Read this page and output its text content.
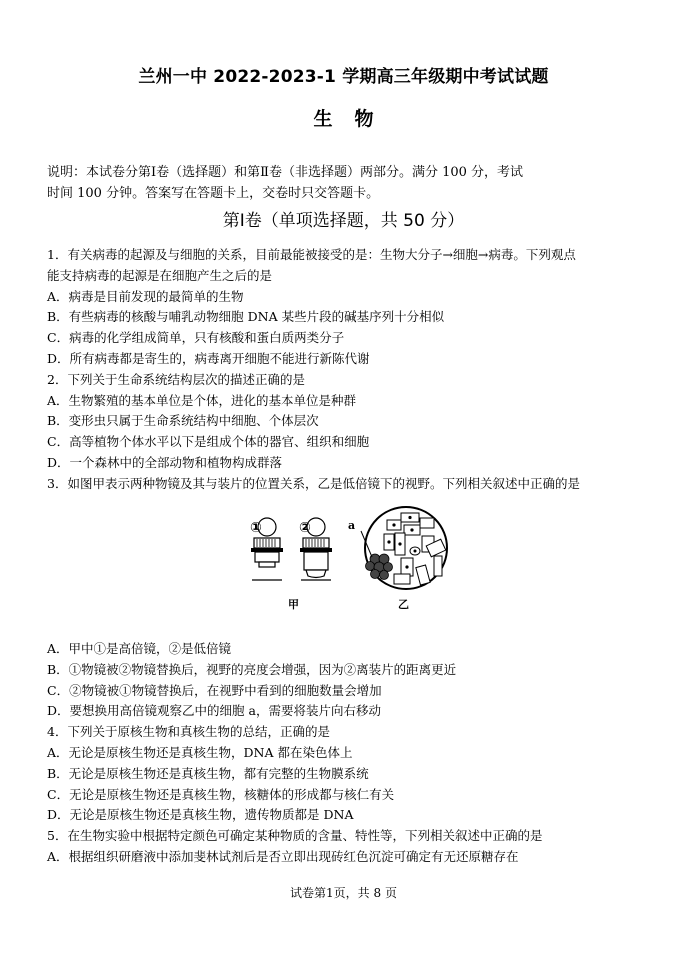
兰州一中 2022-2023-1 学期高三年级期中考试试题
生物
说明：本试卷分第Ⅰ卷（选择题）和第Ⅱ卷（非选择题）两部分。满分 100 分，考试
时间 100 分钟。答案写在答题卡上，交卷时只交答题卡。
第Ⅰ卷（单项选择题，共 50 分）
1．有关病毒的起源及与细胞的关系，目前最能被接受的是：生物大分子→细胞→病毒。下列观点
能支持病毒的起源是在细胞产生之后的是
A．病毒是目前发现的最简单的生物
B．有些病毒的核酸与哺乳动物细胞 DNA 某些片段的碱基序列十分相似
C．病毒的化学组成简单，只有核酸和蛋白质两类分子
D．所有病毒都是寄生的，病毒离开细胞不能进行新陈代谢
2．下列关于生命系统结构层次的描述正确的是
A．生物繁殖的基本单位是个体，进化的基本单位是种群
B．变形虫只属于生命系统结构中细胞、个体层次
C．高等植物个体水平以下是组成个体的器官、组织和细胞
D．一个森林中的全部动物和植物构成群落
3．如图甲表示两种物镜及其与装片的位置关系，乙是低倍镜下的视野。下列相关叙述中正确的是
①	②	a
甲	乙
A．甲中①是高倍镜，②是低倍镜
B．①物镜被②物镜替换后，视野的亮度会增强，因为②离装片的距离更近
C．②物镜被①物镜替换后，在视野中看到的细胞数量会增加
D．要想换用高倍镜观察乙中的细胞 a，需要将装片向右移动
4．下列关于原核生物和真核生物的总结，正确的是
A．无论是原核生物还是真核生物，DNA 都在染色体上
B．无论是原核生物还是真核生物，都有完整的生物膜系统
C．无论是原核生物还是真核生物，核糖体的形成都与核仁有关
D．无论是原核生物还是真核生物，遗传物质都是 DNA
5．在生物实验中根据特定颜色可确定某种物质的含量、特性等，下列相关叙述中正确的是
A．根据组织研磨液中添加斐林试剂后是否立即出现砖红色沉淀可确定有无还原糖存在
试卷第1页，共 8 页
